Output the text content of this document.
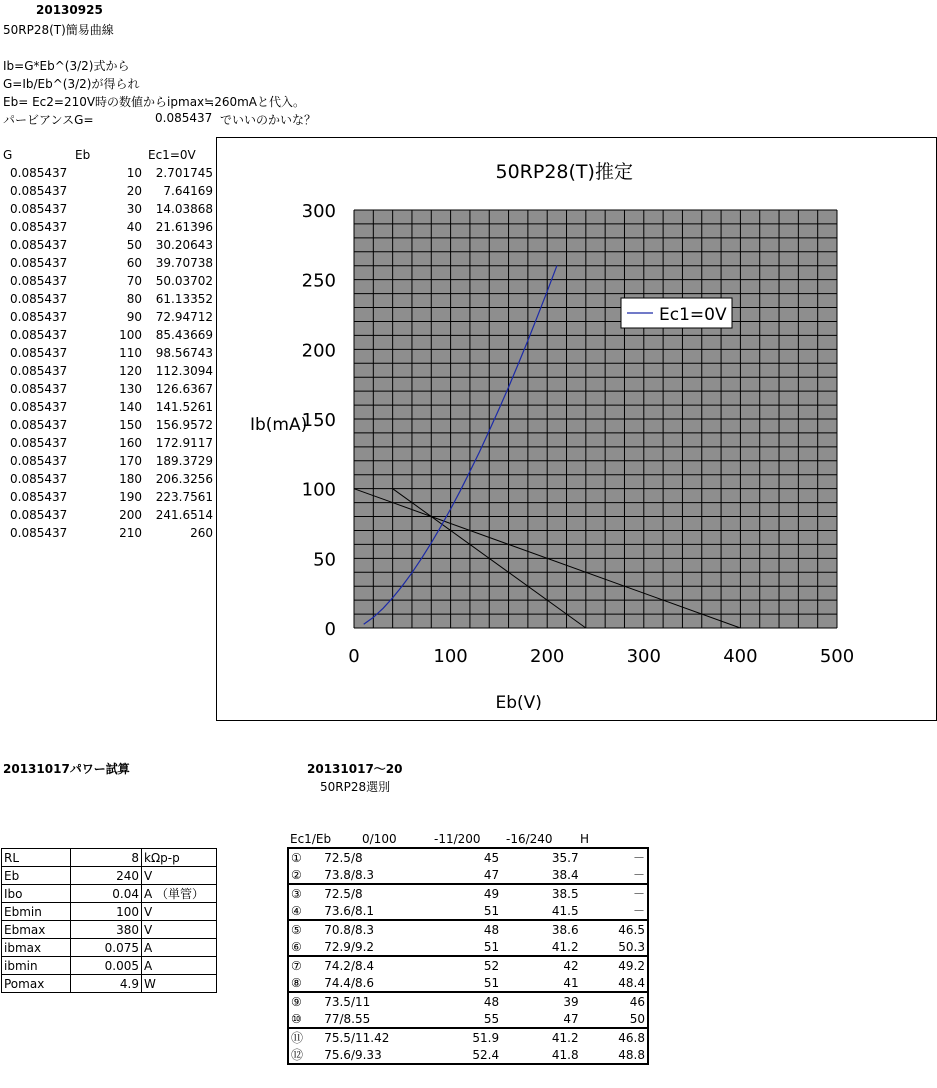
20130925
50RP28(T)簡易曲線
Ib=G*Eb^(3/2)式から
G=Ib/Eb^(3/2)が得られ
Eb= Ec2=210V時の数値からipmax≒260mAと代入。
パービアンスG=	0.085437 でいいのかいな？
G	Eb	Ec1=0V
0.085437	10	2.701745
0.085437	20	7.64169
0.085437	30	14.03868
0.085437	40	21.61396
0.085437	50	30.20643
0.085437	60	39.70738
0.085437	70	50.03702
0.085437	80	61.13352
0.085437	90	72.94712
0.085437	100	85.43669
0.085437	110	98.56743
0.085437	120	112.3094
0.085437	130	126.6367
0.085437	140	141.5261
0.085437	150	156.9572
0.085437	160	172.9117
0.085437	170	189.3729
0.085437	180	206.3256
0.085437	190	223.7561
0.085437	200	241.6514
0.085437	210	260
0
50
100
150
200
250
300
0	100	200	300	400	500
50RP28(T)推定
Eb(V)
Ib(mA)
Ec1=0V
20131017パワー試算
RL	8	kΩp-p
Eb	240	V
Ibo	0.04	A （単管）
Ebmin	100	V
Ebmax	380	V
ibmax	0.075	A
ibmin	0.005	A
Pomax	4.9	W
20131017～20
50RP28選別
Ec1/Eb	0/100	-11/200 -16/240 H
①	72.5/8	45	35.7	－
②	73.8/8.3	47	38.4	－
③	72.5/8	49	38.5	－
④	73.6/8.1	51	41.5	－
⑤	70.8/8.3	48	38.6	46.5
⑥	72.9/9.2	51	41.2	50.3
⑦	74.2/8.4	52	42	49.2
⑧	74.4/8.6	51	41	48.4
⑨	73.5/11	48	39	46
⑩	77/8.55	55	47	50
⑪	75.5/11.42	51.9	41.2	46.8
⑫	75.6/9.33	52.4	41.8	48.8
